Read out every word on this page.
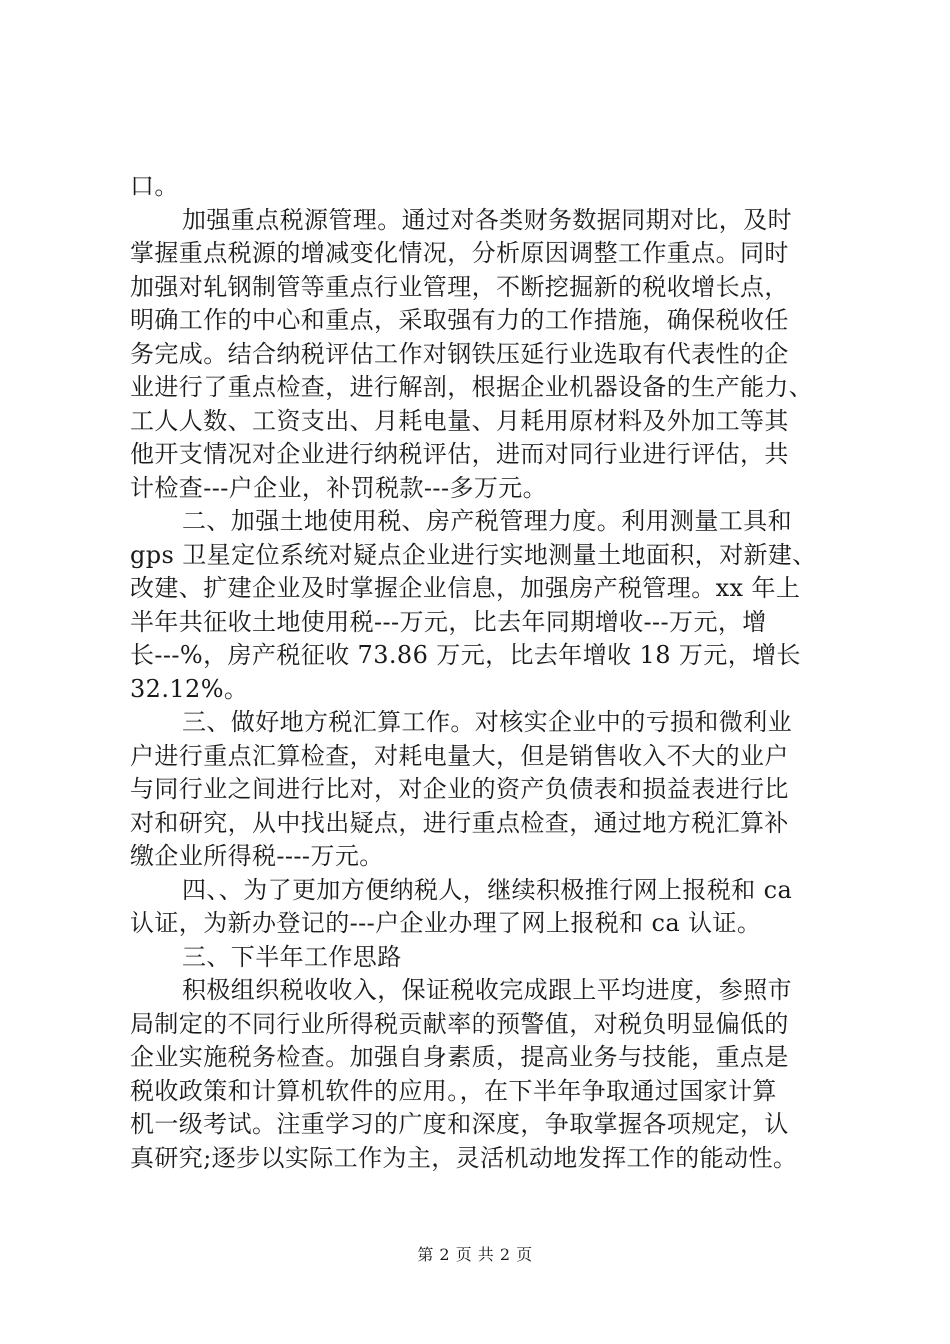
口。
加强重点税源管理。通过对各类财务数据同期对比，及时
掌握重点税源的增减变化情况，分析原因调整工作重点。同时
加强对轧钢制管等重点行业管理，不断挖掘新的税收增长点，
明确工作的中心和重点，采取强有力的工作措施，确保税收任
务完成。结合纳税评估工作对钢铁压延行业选取有代表性的企
业进行了重点检查，进行解剖，根据企业机器设备的生产能力、
工人人数、工资支出、月耗电量、月耗用原材料及外加工等其
他开支情况对企业进行纳税评估，进而对同行业进行评估，共
计检查---户企业，补罚税款---多万元。
二、加强土地使用税、房产税管理力度。利用测量工具和
gps 卫星定位系统对疑点企业进行实地测量土地面积，对新建、
改建、扩建企业及时掌握企业信息，加强房产税管理。xx 年上
半年共征收土地使用税---万元，比去年同期增收---万元，增
长---%，房产税征收 73.86 万元，比去年增收 18 万元，增长
32.12%。
三、做好地方税汇算工作。对核实企业中的亏损和微利业
户进行重点汇算检查，对耗电量大，但是销售收入不大的业户
与同行业之间进行比对，对企业的资产负债表和损益表进行比
对和研究，从中找出疑点，进行重点检查，通过地方税汇算补
缴企业所得税----万元。
四、、为了更加方便纳税人，继续积极推行网上报税和 ca
认证，为新办登记的---户企业办理了网上报税和 ca 认证。
三、下半年工作思路
积极组织税收收入，保证税收完成跟上平均进度，参照市
局制定的不同行业所得税贡献率的预警值，对税负明显偏低的
企业实施税务检查。加强自身素质，提高业务与技能，重点是
税收政策和计算机软件的应用。，在下半年争取通过国家计算
机一级考试。注重学习的广度和深度，争取掌握各项规定，认
真研究;逐步以实际工作为主，灵活机动地发挥工作的能动性。
第 2 页 共 2 页
